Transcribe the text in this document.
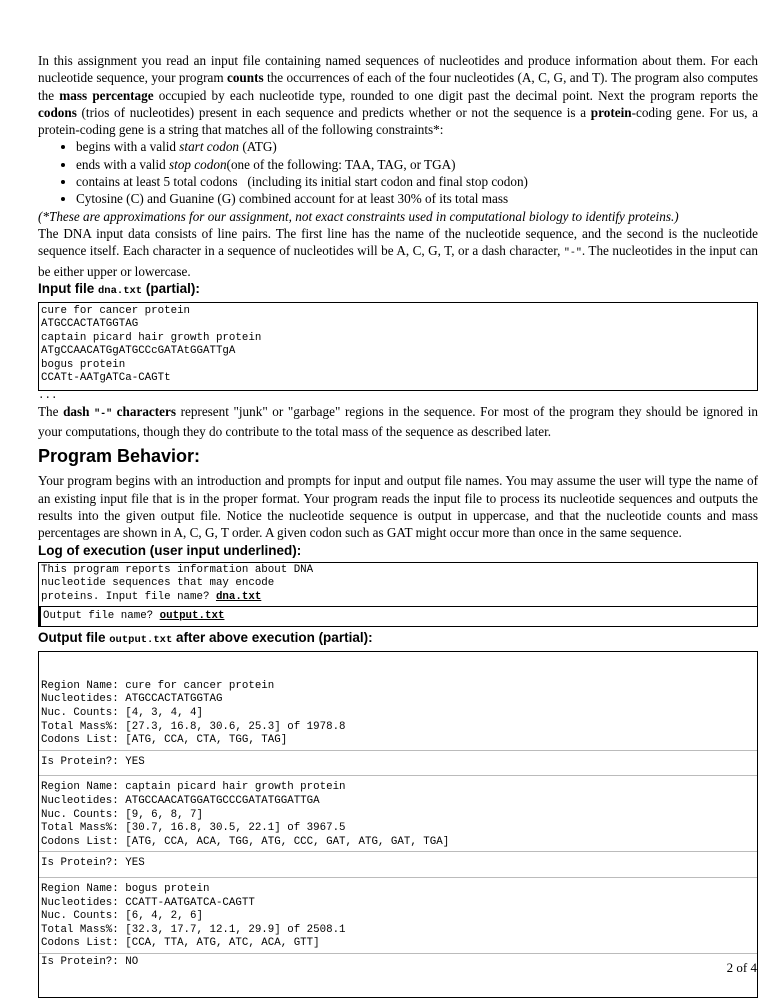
In this assignment you read an input file containing named sequences of nucleotides and produce information about them. For each nucleotide sequence, your program counts the occurrences of each of the four nucleotides (A, C, G, and T). The program also computes the mass percentage occupied by each nucleotide type, rounded to one digit past the decimal point. Next the program reports the codons (trios of nucleotides) present in each sequence and predicts whether or not the sequence is a protein-coding gene. For us, a protein-coding gene is a string that matches all of the following constraints*:

• begins with a valid start codon (ATG)
• ends with a valid stop codon(one of the following: TAA, TAG, or TGA)
• contains at least 5 total codons   (including its initial start codon and final stop codon)
• Cytosine (C) and Guanine (G) combined account for at least 30% of its total mass

(*These are approximations for our assignment, not exact constraints used in computational biology to identify proteins.)

The DNA input data consists of line pairs. The first line has the name of the nucleotide sequence, and the second is the nucleotide sequence itself. Each character in a sequence of nucleotides will be A, C, G, T, or a dash character, "-". The nucleotides in the input can be either upper or lowercase.

Input file dna.txt (partial):

cure for cancer protein
ATGCCACTATGGTAG
captain picard hair growth protein
ATgCCAACATGgATGCCcGATAtGGATTgA
bogus protein
CCATt-AATgATCa-CAGTt

...

The dash "-" characters represent "junk" or "garbage" regions in the sequence. For most of the program they should be ignored in your computations, though they do contribute to the total mass of the sequence as described later.

Program Behavior:

Your program begins with an introduction and prompts for input and output file names. You may assume the user will type the name of an existing input file that is in the proper format. Your program reads the input file to process its nucleotide sequences and outputs the results into the given output file. Notice the nucleotide sequence is output in uppercase, and that the nucleotide counts and mass percentages are shown in A, C, G, T order. A given codon such as GAT might occur more than once in the same sequence.

Log of execution (user input underlined):

This program reports information about DNA
nucleotide sequences that may encode
proteins. Input file name? dna.txt
Output file name? output.txt

Output file output.txt after above execution (partial):

Region Name: cure for cancer protein
Nucleotides: ATGCCACTATGGTAG
Nuc. Counts: [4, 3, 4, 4]
Total Mass%: [27.3, 16.8, 30.6, 25.3] of 1978.8
Codons List: [ATG, CCA, CTA, TGG, TAG]
Is Protein?: YES
Region Name: captain picard hair growth protein
Nucleotides: ATGCCAACATGGATGCCCGATATGGATTGA
Nuc. Counts: [9, 6, 8, 7]
Total Mass%: [30.7, 16.8, 30.5, 22.1] of 3967.5
Codons List: [ATG, CCA, ACA, TGG, ATG, CCC, GAT, ATG, GAT, TGA]
Is Protein?: YES
Region Name: bogus protein
Nucleotides: CCATT-AATGATCA-CAGTT
Nuc. Counts: [6, 4, 2, 6]
Total Mass%: [32.3, 17.7, 12.1, 29.9] of 2508.1
Codons List: [CCA, TTA, ATG, ATC, ACA, GTT]
Is Protein?: NO

	2 of 4
